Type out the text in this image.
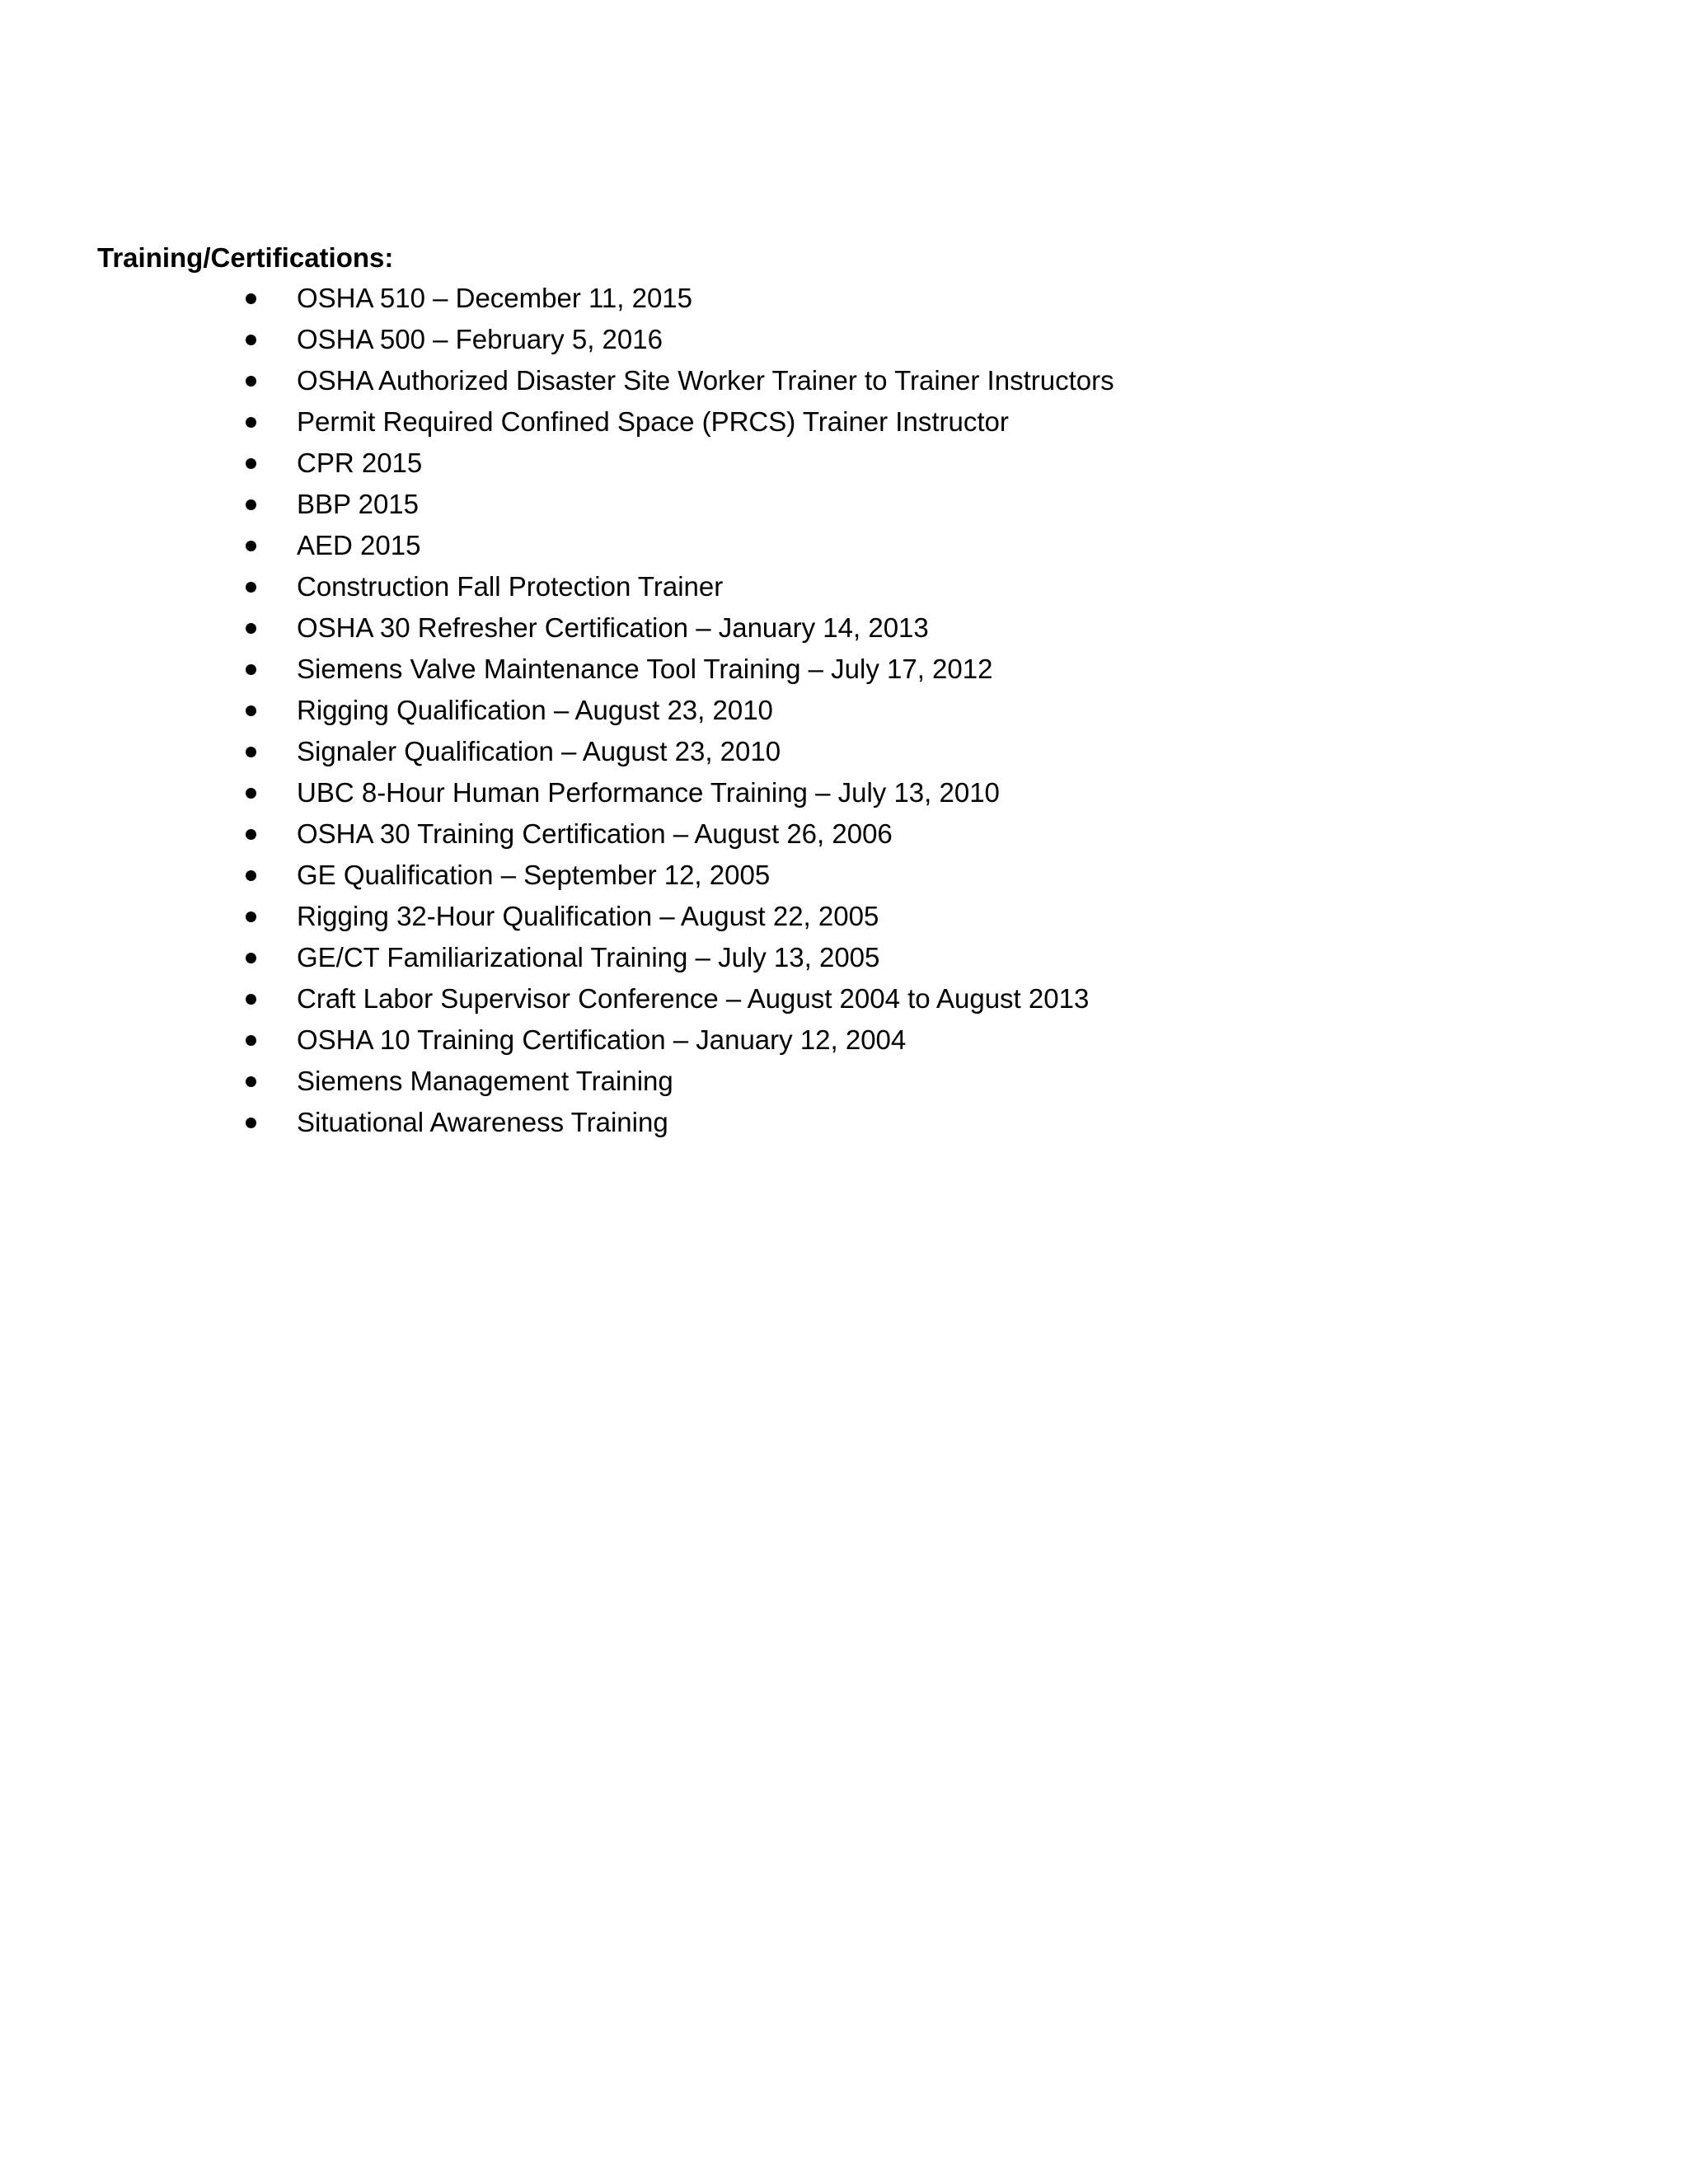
Training/Certifications:
OSHA 510 – December 11, 2015
OSHA 500 – February 5, 2016
OSHA Authorized Disaster Site Worker Trainer to Trainer Instructors
Permit Required Confined Space (PRCS) Trainer Instructor
CPR 2015
BBP 2015
AED 2015
Construction Fall Protection Trainer
OSHA 30 Refresher Certification – January 14, 2013
Siemens Valve Maintenance Tool Training – July 17, 2012
Rigging Qualification – August 23, 2010
Signaler Qualification – August 23, 2010
UBC 8-Hour Human Performance Training – July 13, 2010
OSHA 30 Training Certification – August 26, 2006
GE Qualification – September 12, 2005
Rigging 32-Hour Qualification – August 22, 2005
GE/CT Familiarizational Training – July 13, 2005
Craft Labor Supervisor Conference – August 2004 to August 2013
OSHA 10 Training Certification – January 12, 2004
Siemens Management Training
Situational Awareness Training
